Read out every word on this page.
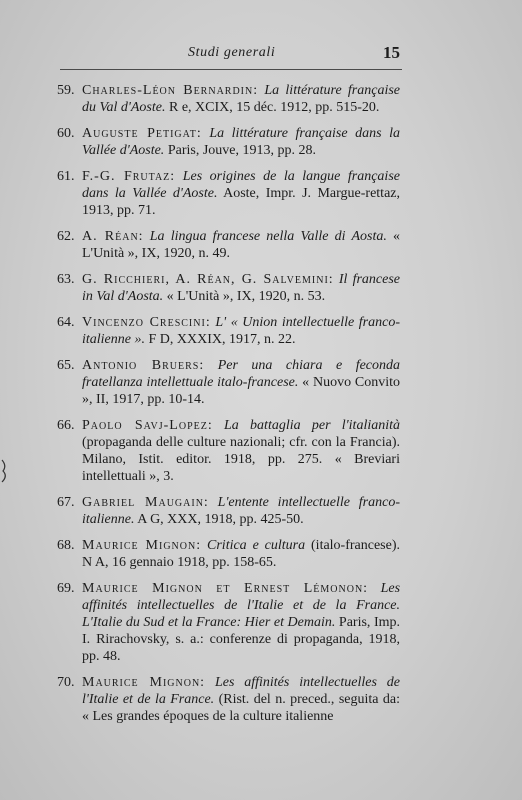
Studi generali	15
59. Charles-Léon Bernardin: La littérature française du Val d'Aoste. R e, XCIX, 15 déc. 1912, pp. 515-20.
60. Auguste Petigat: La littérature française dans la Vallée d'Aoste. Paris, Jouve, 1913, pp. 28.
61. F.-G. Frutaz: Les origines de la langue française dans la Vallée d'Aoste. Aoste, Impr. J. Margue-rettaz, 1913, pp. 71.
62. A. Réan: La lingua francese nella Valle di Aosta. « L'Unità », IX, 1920, n. 49.
63. G. Ricchieri, A. Réan, G. Salvemini: Il francese in Val d'Aosta. « L'Unità », IX, 1920, n. 53.
64. Vincenzo Crescini: L' « Union intellectuelle franco-italienne ». F D, XXXIX, 1917, n. 22.
65. Antonio Bruers: Per una chiara e feconda fratellanza intellettuale italo-francese. « Nuovo Convito », II, 1917, pp. 10-14.
66. Paolo Savj-Lopez: La battaglia per l'italianità (propaganda delle culture nazionali; cfr. con la Francia). Milano, Istit. editor. 1918, pp. 275. « Breviari intellettuali », 3.
67. Gabriel Maugain: L'entente intellectuelle franco-italienne. A G, XXX, 1918, pp. 425-50.
68. Maurice Mignon: Critica e cultura (italo-francese). N A, 16 gennaio 1918, pp. 158-65.
69. Maurice Mignon et Ernest Lémonon: Les affinités intellectuelles de l'Italie et de la France. L'Italie du Sud et la France: Hier et Demain. Paris, Imp. I. Rirachovsky, s. a.: conferenze di propaganda, 1918, pp. 48.
70. Maurice Mignon: Les affinités intellectuelles de l'Italie et de la France. (Rist. del n. preced., seguita da: « Les grandes époques de la culture italienne
